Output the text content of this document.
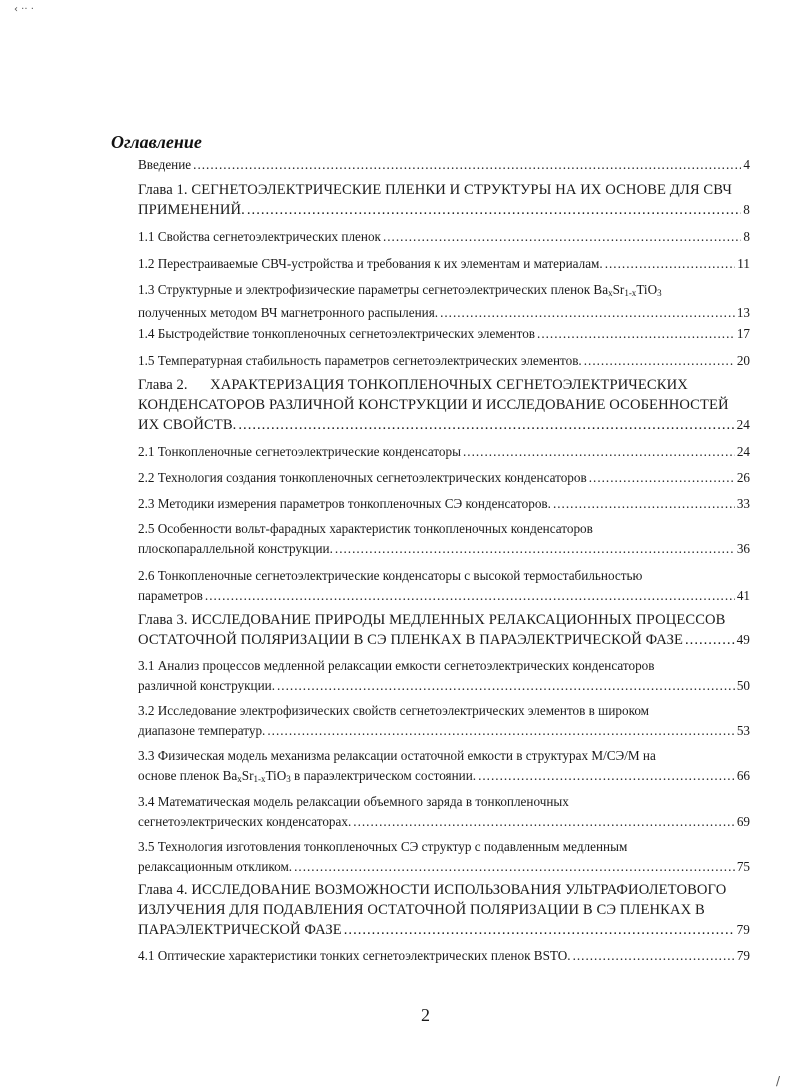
‹ ·· ·
/
Оглавление
Введение .....	4
Глава 1. СЕГНЕТОЭЛЕКТРИЧЕСКИЕ ПЛЕНКИ И СТРУКТУРЫ НА ИХ ОСНОВЕ ДЛЯ СВЧ
ПРИМЕНЕНИЙ. .....	8
1.1 Свойства сегнетоэлектрических пленок .....	8
1.2 Перестраиваемые СВЧ-устройства и требования к их элементам и материалам. .....	11
1.3 Структурные и электрофизические параметры сегнетоэлектрических пленок $Ba_xSr_{1-x}TiO_3$
полученных методом ВЧ магнетронного распыления. .....	13
1.4 Быстродействие тонкопленочных сегнетоэлектрических элементов .....	17
1.5 Температурная стабильность параметров сегнетоэлектрических элементов. .....	20
Глава 2.      ХАРАКТЕРИЗАЦИЯ ТОНКОПЛЕНОЧНЫХ СЕГНЕТОЭЛЕКТРИЧЕСКИХ
КОНДЕНСАТОРОВ РАЗЛИЧНОЙ КОНСТРУКЦИИ И ИССЛЕДОВАНИЕ ОСОБЕННОСТЕЙ
ИХ СВОЙСТВ. .....	24
2.1 Тонкопленочные сегнетоэлектрические конденсаторы .....	24
2.2 Технология создания тонкопленочных сегнетоэлектрических конденсаторов .....	26
2.3 Методики измерения параметров тонкопленочных СЭ конденсаторов. .....	33
2.5 Особенности вольт-фарадных характеристик тонкопленочных конденсаторов
плоскопараллельной конструкции. .....	36
2.6 Тонкопленочные сегнетоэлектрические конденсаторы с высокой термостабильностью
параметров .....	41
Глава 3. ИССЛЕДОВАНИЕ ПРИРОДЫ МЕДЛЕННЫХ РЕЛАКСАЦИОННЫХ ПРОЦЕССОВ
ОСТАТОЧНОЙ ПОЛЯРИЗАЦИИ В СЭ ПЛЕНКАХ В ПАРАЭЛЕКТРИЧЕСКОЙ ФАЗЕ .....	49
3.1 Анализ процессов медленной релаксации емкости сегнетоэлектрических конденсаторов
различной конструкции. .....	50
3.2 Исследование электрофизических свойств сегнетоэлектрических элементов в широком
диапазоне температур. .....	53
3.3 Физическая модель механизма релаксации остаточной емкости в структурах М/СЭ/М на
основе пленок $Ba_xSr_{1-x}TiO_3$ в параэлектрическом состоянии. .....	66
3.4 Математическая модель релаксации объемного заряда в тонкопленочных
сегнетоэлектрических конденсаторах. .....	69
3.5 Технология изготовления тонкопленочных СЭ структур с подавленным медленным
релаксационным откликом. .....	75
Глава 4. ИССЛЕДОВАНИЕ ВОЗМОЖНОСТИ ИСПОЛЬЗОВАНИЯ УЛЬТРАФИОЛЕТОВОГО
ИЗЛУЧЕНИЯ ДЛЯ ПОДАВЛЕНИЯ ОСТАТОЧНОЙ ПОЛЯРИЗАЦИИ В СЭ ПЛЕНКАХ В
ПАРАЭЛЕКТРИЧЕСКОЙ ФАЗЕ .....	79
4.1 Оптические характеристики тонких сегнетоэлектрических пленок BSTO. .....	79
2
